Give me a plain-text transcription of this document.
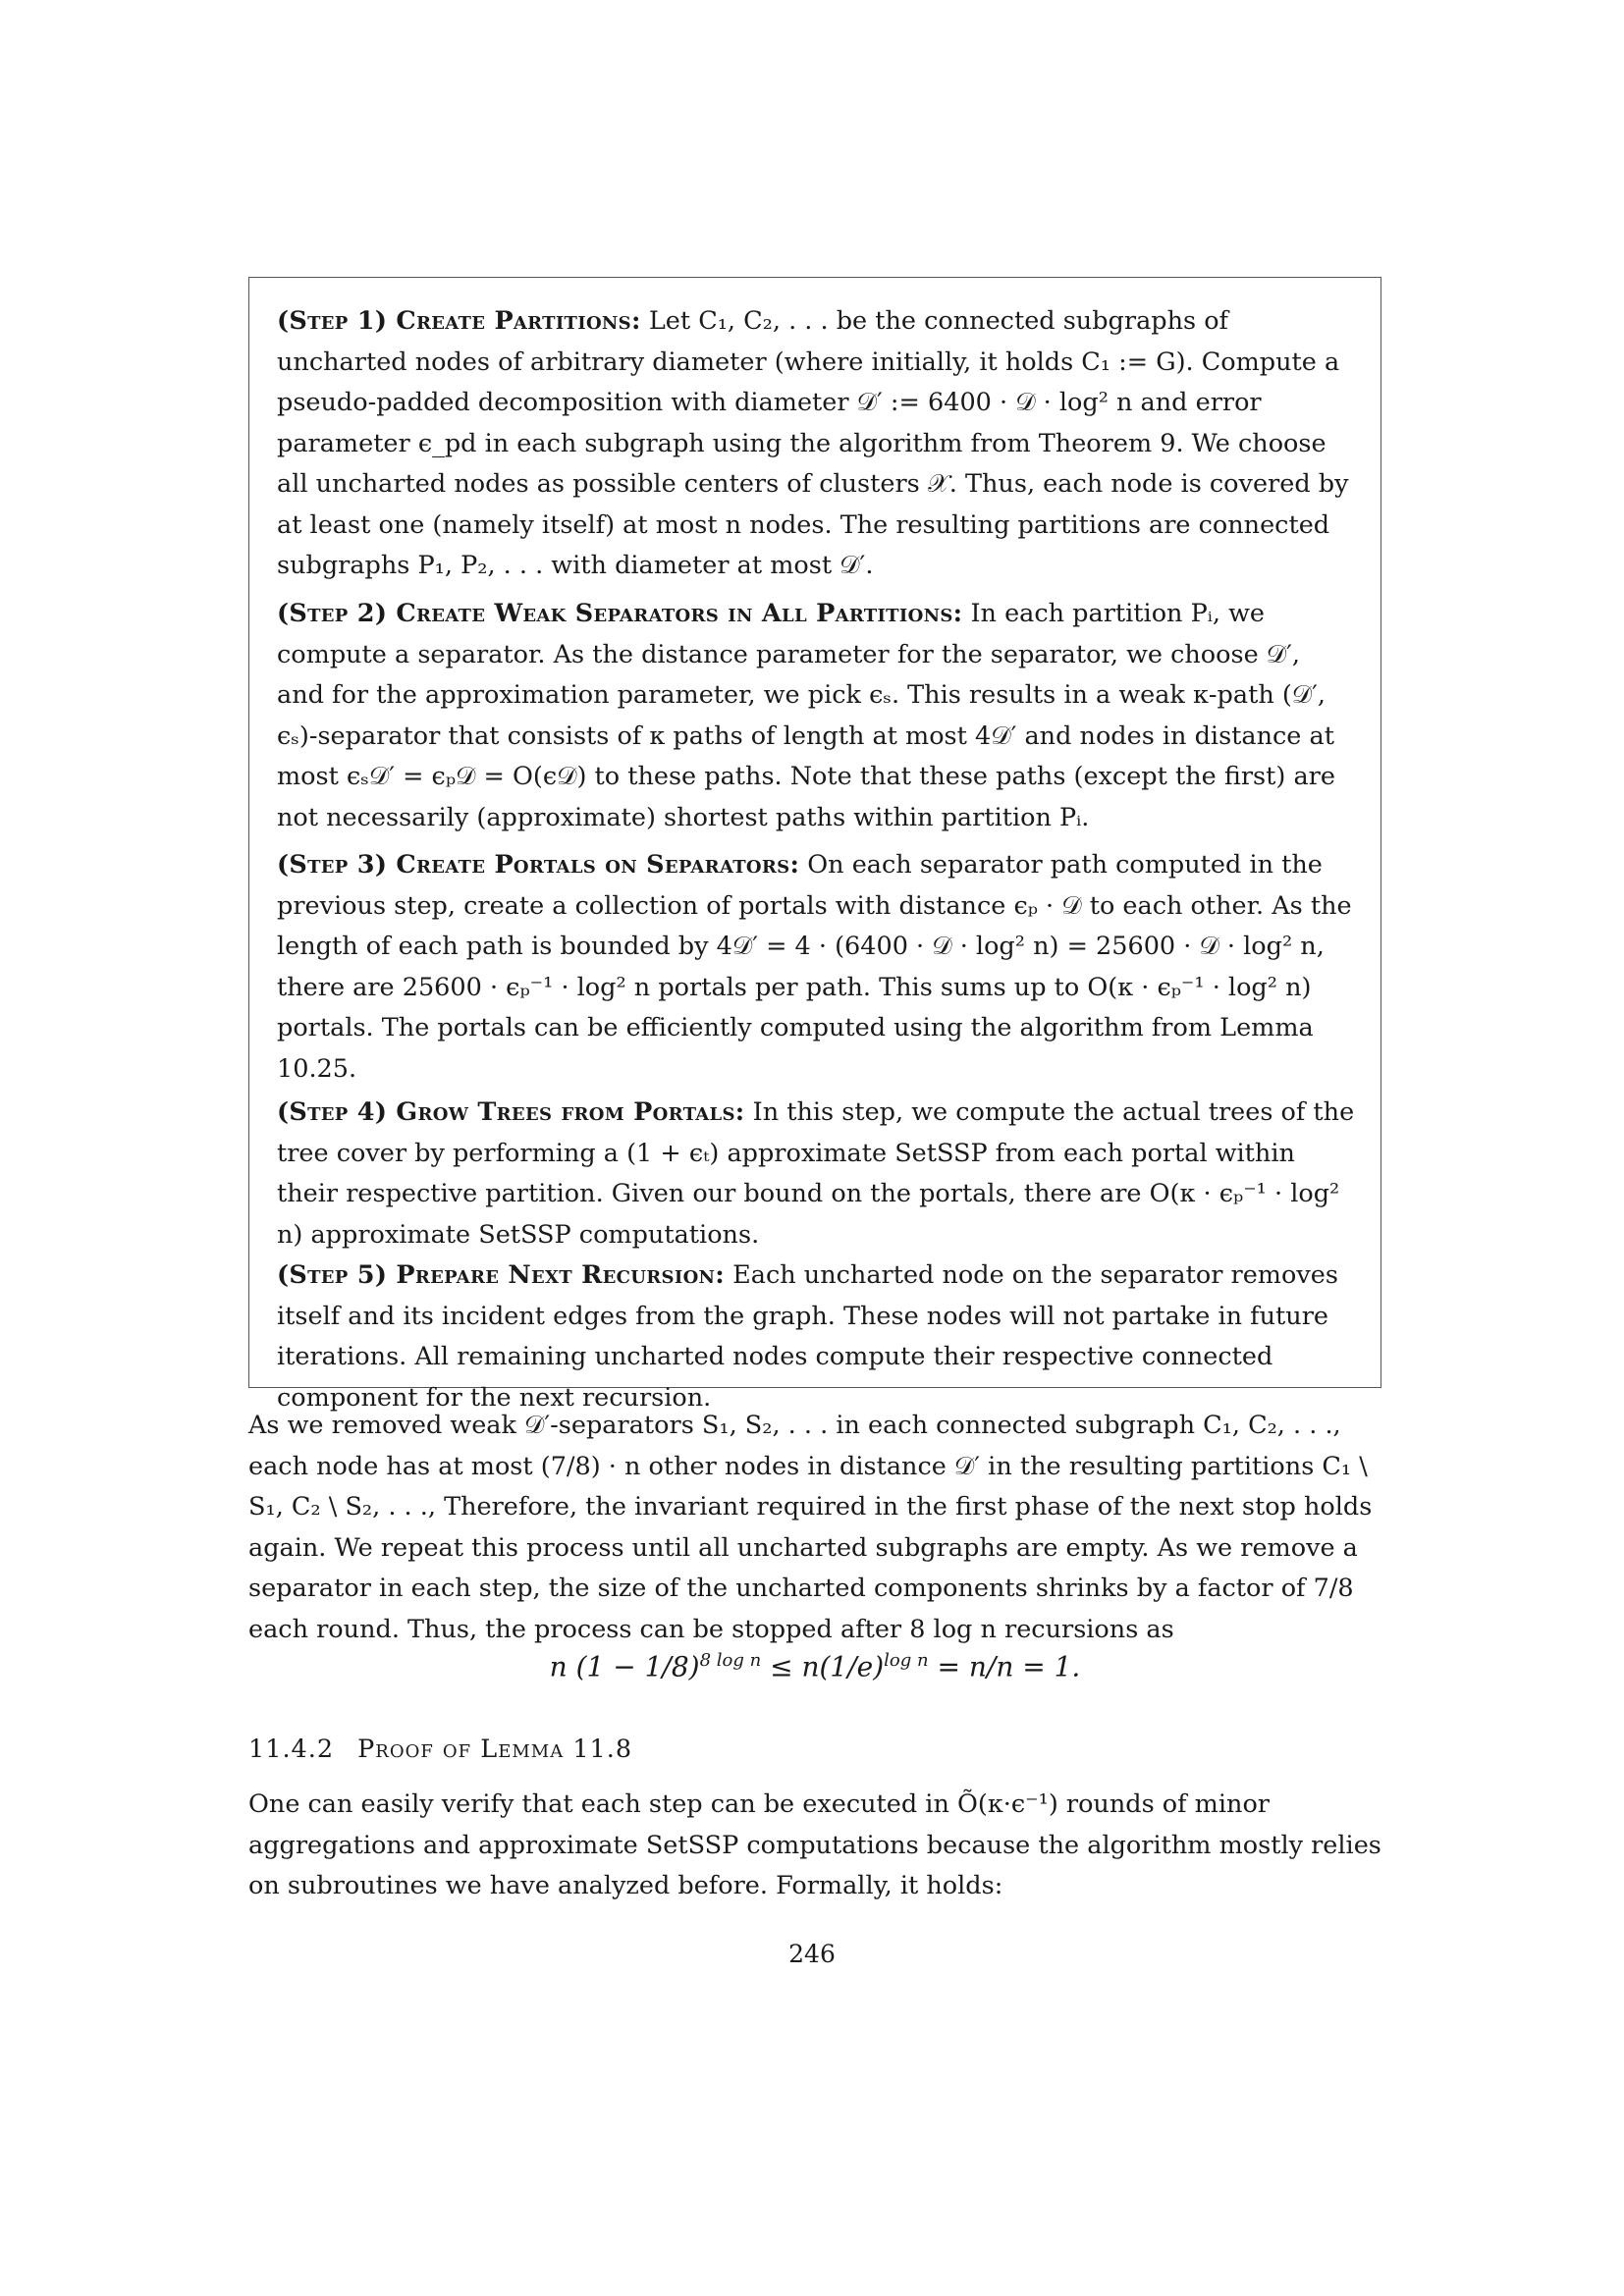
(Step 1) Create Partitions: Let C₁, C₂, . . . be the connected subgraphs of uncharted nodes of arbitrary diameter (where initially, it holds C₁ := G). Compute a pseudo-padded decomposition with diameter 𝒟′ := 6400 · 𝒟 · log² n and error parameter ϵ_pd in each subgraph using the algorithm from Theorem 9. We choose all uncharted nodes as possible centers of clusters 𝒳. Thus, each node is covered by at least one (namely itself) at most n nodes. The resulting partitions are connected subgraphs P₁, P₂, . . . with diameter at most 𝒟′.

(Step 2) Create Weak Separators in All Partitions: In each partition Pᵢ, we compute a separator. As the distance parameter for the separator, we choose 𝒟′, and for the approximation parameter, we pick ϵₛ. This results in a weak κ-path (𝒟′, ϵₛ)-separator that consists of κ paths of length at most 4𝒟′ and nodes in distance at most ϵₛ𝒟′ = ϵₚ𝒟 = O(ϵ𝒟) to these paths. Note that these paths (except the first) are not necessarily (approximate) shortest paths within partition Pᵢ.

(Step 3) Create Portals on Separators: On each separator path computed in the previous step, create a collection of portals with distance ϵₚ · 𝒟 to each other. As the length of each path is bounded by 4𝒟′ = 4 · (6400 · 𝒟 · log² n) = 25600 · 𝒟 · log² n, there are 25600 · ϵₚ⁻¹ · log² n portals per path. This sums up to O(κ · ϵₚ⁻¹ · log² n) portals. The portals can be efficiently computed using the algorithm from Lemma 10.25.

(Step 4) Grow Trees from Portals: In this step, we compute the actual trees of the tree cover by performing a (1 + ϵₜ) approximate SetSSP from each portal within their respective partition. Given our bound on the portals, there are O(κ · ϵₚ⁻¹ · log² n) approximate SetSSP computations.

(Step 5) Prepare Next Recursion: Each uncharted node on the separator removes itself and its incident edges from the graph. These nodes will not partake in future iterations. All remaining uncharted nodes compute their respective connected component for the next recursion.

As we removed weak 𝒟′-separators S₁, S₂, . . . in each connected subgraph C₁, C₂, . . ., each node has at most (7/8) · n other nodes in distance 𝒟′ in the resulting partitions C₁ \ S₁, C₂ \ S₂, . . ., Therefore, the invariant required in the first phase of the next stop holds again. We repeat this process until all uncharted subgraphs are empty. As we remove a separator in each step, the size of the uncharted components shrinks by a factor of 7/8 each round. Thus, the process can be stopped after 8 log n recursions as

n $(1 - 1/8)^{8 log n} \le n(1/e)^{log n} = n/n = 1$.
11.4.2 Proof of Lemma 11.8

One can easily verify that each step can be executed in Õ(κ·ϵ⁻¹) rounds of minor aggregations and approximate SetSSP computations because the algorithm mostly relies on subroutines we have analyzed before. Formally, it holds:

246
